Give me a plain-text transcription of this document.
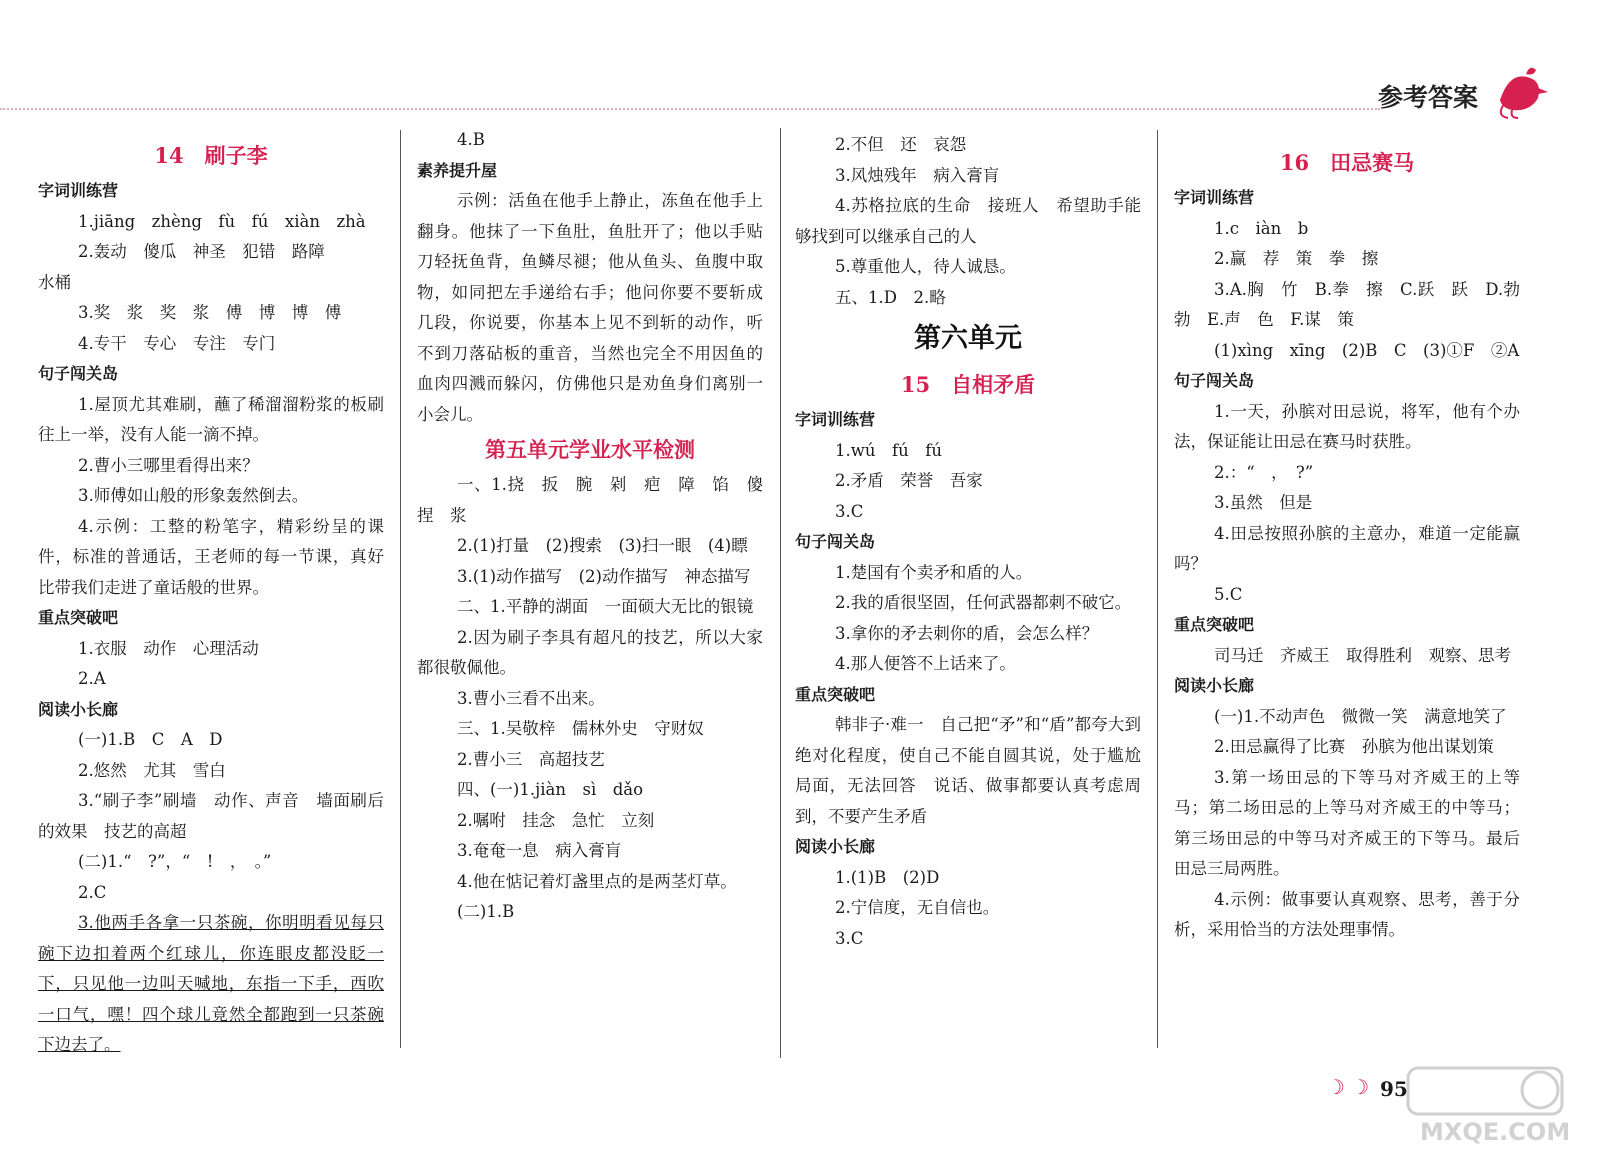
参考答案
14　刷子李
字词训练营
1.jiāng　zhèng　fù　fú　xiàn　zhà
2.轰动　傻瓜　神圣　犯错　路障
水桶
3.奖　浆　奖　浆　傅　博　博　傅
4.专干　专心　专注　专门
句子闯关岛
1.屋顶尤其难刷，蘸了稀溜溜粉浆的板刷往上一举，没有人能一滴不掉。
2.曹小三哪里看得出来？
3.师傅如山般的形象轰然倒去。
4.示例：工整的粉笔字，精彩纷呈的课件，标准的普通话，王老师的每一节课，真好比带我们走进了童话般的世界。
重点突破吧
1.衣服　动作　心理活动
2.A
阅读小长廊
(一)1.B　C　A　D
2.悠然　尤其　雪白
3.“刷子李”刷墙　动作、声音　墙面刷后的效果　技艺的高超
(二)1.“　?”，“　!　，　。”
2.C
3.他两手各拿一只茶碗，你明明看见每只碗下边扣着两个红球儿，你连眼皮都没眨一下，只见他一边叫天喊地，东指一下手，西吹一口气，嘿！四个球儿竟然全都跑到一只茶碗下边去了。
4.B
素养提升屋
示例：活鱼在他手上静止，冻鱼在他手上翻身。他抹了一下鱼肚，鱼肚开了；他以手贴刀轻抚鱼背，鱼鳞尽褪；他从鱼头、鱼腹中取物，如同把左手递给右手；他问你要不要斩成几段，你说要，你基本上见不到斩的动作，听不到刀落砧板的重音，当然也完全不用因鱼的血肉四溅而躲闪，仿佛他只是劝鱼身们离别一小会儿。
第五单元学业水平检测
一、1.挠　扳　腕　剁　疤　障　馅　傻　捏　浆
2.(1)打量　(2)搜索　(3)扫一眼　(4)瞟
3.(1)动作描写　(2)动作描写　神态描写
二、1.平静的湖面　一面硕大无比的银镜
2.因为刷子李具有超凡的技艺，所以大家都很敬佩他。
3.曹小三看不出来。
三、1.吴敬梓　儒林外史　守财奴
2.曹小三　高超技艺
四、(一)1.jiàn　sì　dǎo
2.嘱咐　挂念　急忙　立刻
3.奄奄一息　病入膏肓
4.他在惦记着灯盏里点的是两茎灯草。
(二)1.B
2.不但　还　哀怨
3.风烛残年　病入膏肓
4.苏格拉底的生命　接班人　希望助手能够找到可以继承自己的人
5.尊重他人，待人诚恳。
五、1.D　2.略
第六单元
15　自相矛盾
字词训练营
1.wú　fú　fú
2.矛盾　荣誉　吾家
3.C
句子闯关岛
1.楚国有个卖矛和盾的人。
2.我的盾很坚固，任何武器都刺不破它。
3.拿你的矛去刺你的盾，会怎么样？
4.那人便答不上话来了。
重点突破吧
韩非子·难一　自己把“矛”和“盾”都夸大到绝对化程度，使自己不能自圆其说，处于尴尬局面，无法回答　说话、做事都要认真考虑周到，不要产生矛盾
阅读小长廊
1.(1)B　(2)D
2.宁信度，无自信也。
3.C
16　田忌赛马
字词训练营
1.c　iàn　b
2.赢　荐　策　拳　擦
3.A.胸　竹　B.拳　擦　C.跃　跃　D.勃　勃　E.声　色　F.谋　策
(1)xìng　xīng　(2)B　C　(3)①F　②A
句子闯关岛
1.一天，孙膑对田忌说，将军，他有个办法，保证能让田忌在赛马时获胜。
2.：“　，　?”
3.虽然　但是
4.田忌按照孙膑的主意办，难道一定能赢吗？
5.C
重点突破吧
司马迁　齐威王　取得胜利　观察、思考
阅读小长廊
(一)1.不动声色　微微一笑　满意地笑了
2.田忌赢得了比赛　孙膑为他出谋划策
3.第一场田忌的下等马对齐威王的上等马；第二场田忌的上等马对齐威王的中等马；第三场田忌的中等马对齐威王的下等马。最后田忌三局两胜。
4.示例：做事要认真观察、思考，善于分析，采用恰当的方法处理事情。
☽ ☽ 95
MXQE.COM
